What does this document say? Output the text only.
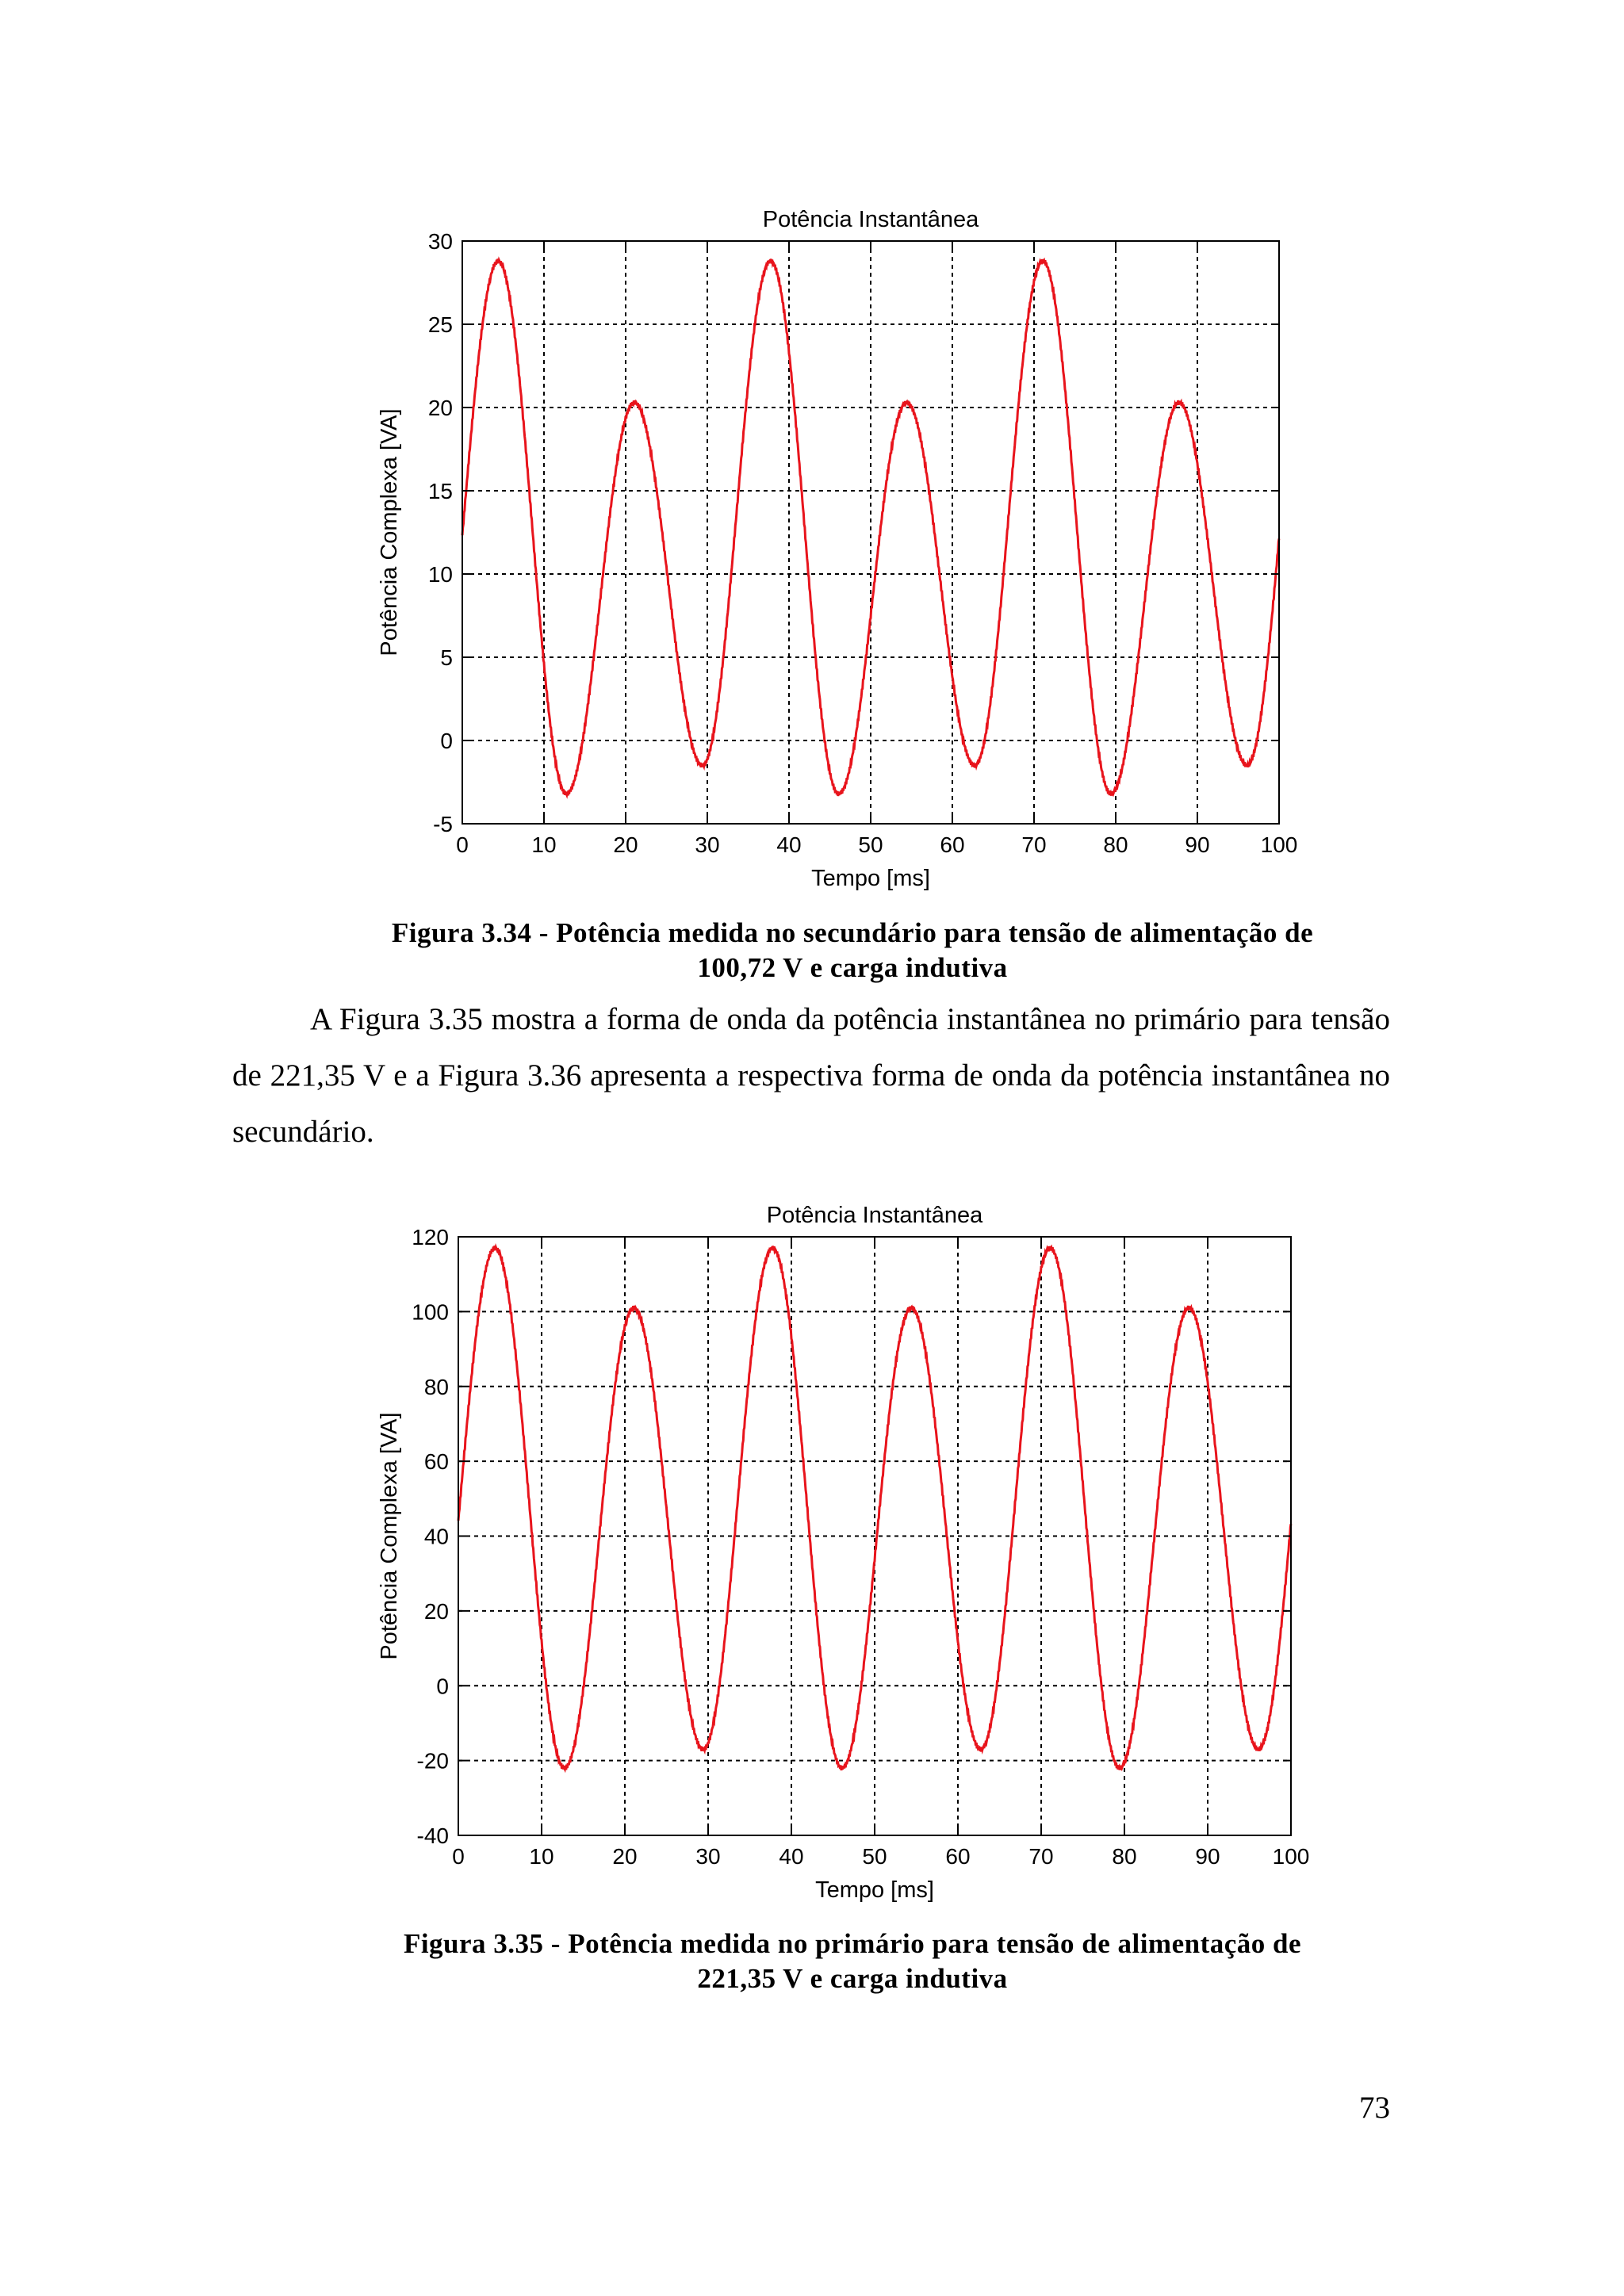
0	10	20	30	40	50	60	70	80	90 100
-5
0
5
10
15
20
25
30
Potência Instantânea
Tempo [ms]
Potência Complexa [VA]
Figura 3.34 - Potência medida no secundário para tensão de alimentação de
100,72 V e carga indutiva

A Figura 3.35 mostra a forma de onda da potência instantânea no primário para tensão de 221,35 V e a Figura 3.36 apresenta a respectiva forma de onda da potência instantânea no secundário.

0	10	20	30	40	50	60	70	80	90 100
-40
-20
0
20
40
60
80
100
120
Potência Instantânea
Tempo [ms]
Potência Complexa [VA]
Figura 3.35 - Potência medida no primário para tensão de alimentação de
221,35 V e carga indutiva
73
